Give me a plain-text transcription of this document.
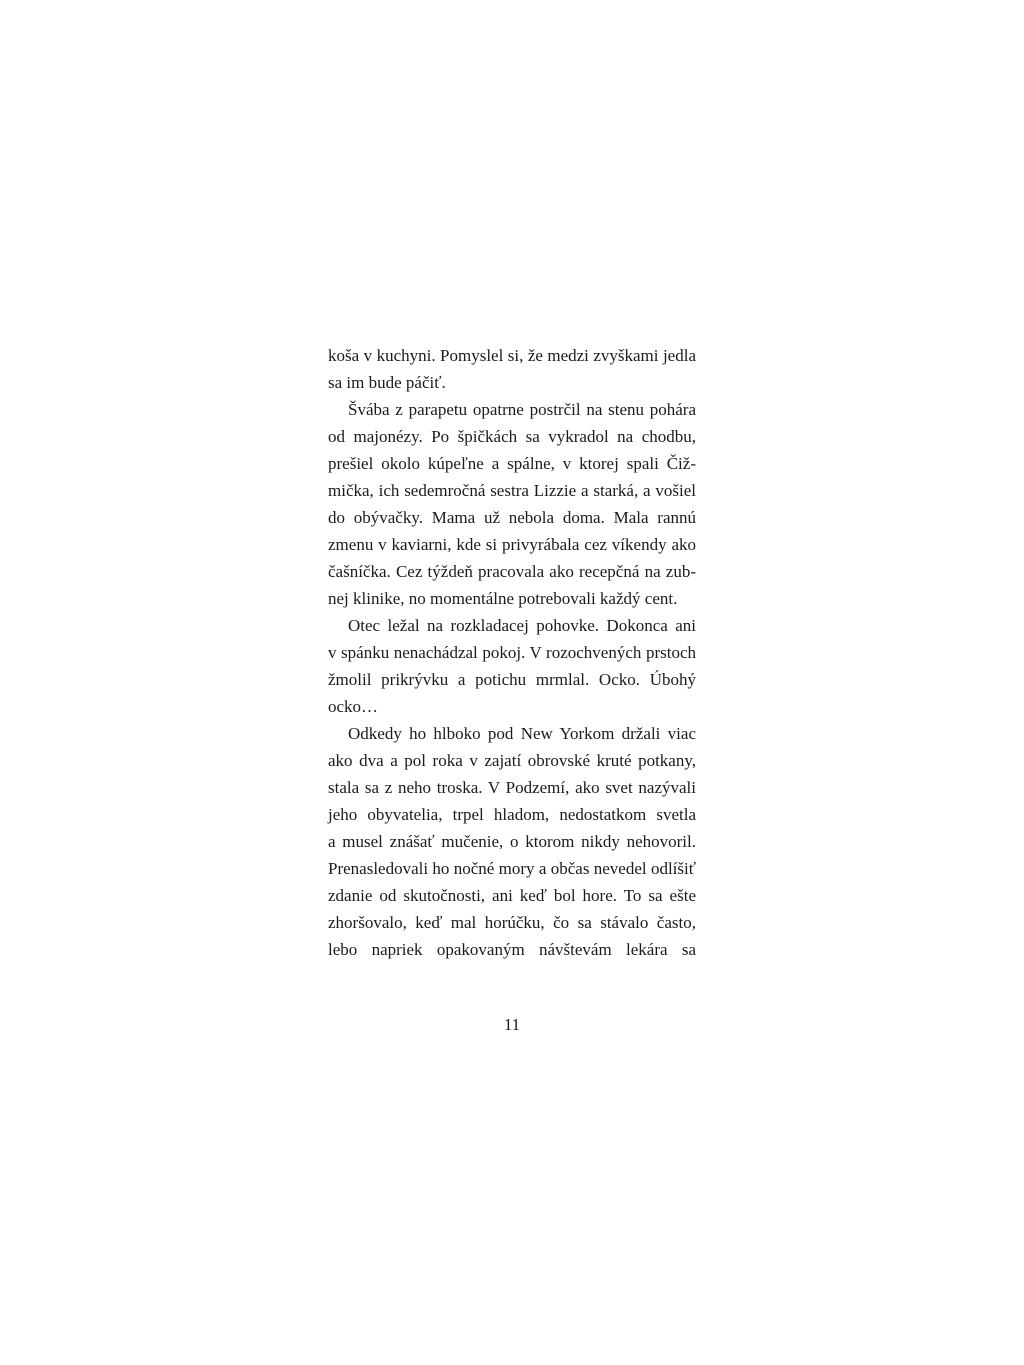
koša v kuchyni. Pomyslel si, že medzi zvyškami jedla
sa im bude páčiť.
Švába z parapetu opatrne postrčil na stenu pohára
od majonézy. Po špičkách sa vykradol na chodbu,
prešiel okolo kúpeľne a spálne, v ktorej spali Čiž-
mička, ich sedemročná sestra Lizzie a starká, a vošiel
do obývačky. Mama už nebola doma. Mala rannú
zmenu v kaviarni, kde si privyrábala cez víkendy ako
čašníčka. Cez týždeň pracovala ako recepčná na zub-
nej klinike, no momentálne potrebovali každý cent.
Otec ležal na rozkladacej pohovke. Dokonca ani
v spánku nenachádzal pokoj. V rozochvených prstoch
žmolil prikrývku a potichu mrmlal. Ocko. Úbohý
ocko…
Odkedy ho hlboko pod New Yorkom držali viac
ako dva a pol roka v zajatí obrovské kruté potkany,
stala sa z neho troska. V Podzemí, ako svet nazývali
jeho obyvatelia, trpel hladom, nedostatkom svetla
a musel znášať mučenie, o ktorom nikdy nehovoril.
Prenasledovali ho nočné mory a občas nevedel odlíšiť
zdanie od skutočnosti, ani keď bol hore. To sa ešte
zhoršovalo, keď mal horúčku, čo sa stávalo často,
lebo napriek opakovaným návštevám lekára sa
11
